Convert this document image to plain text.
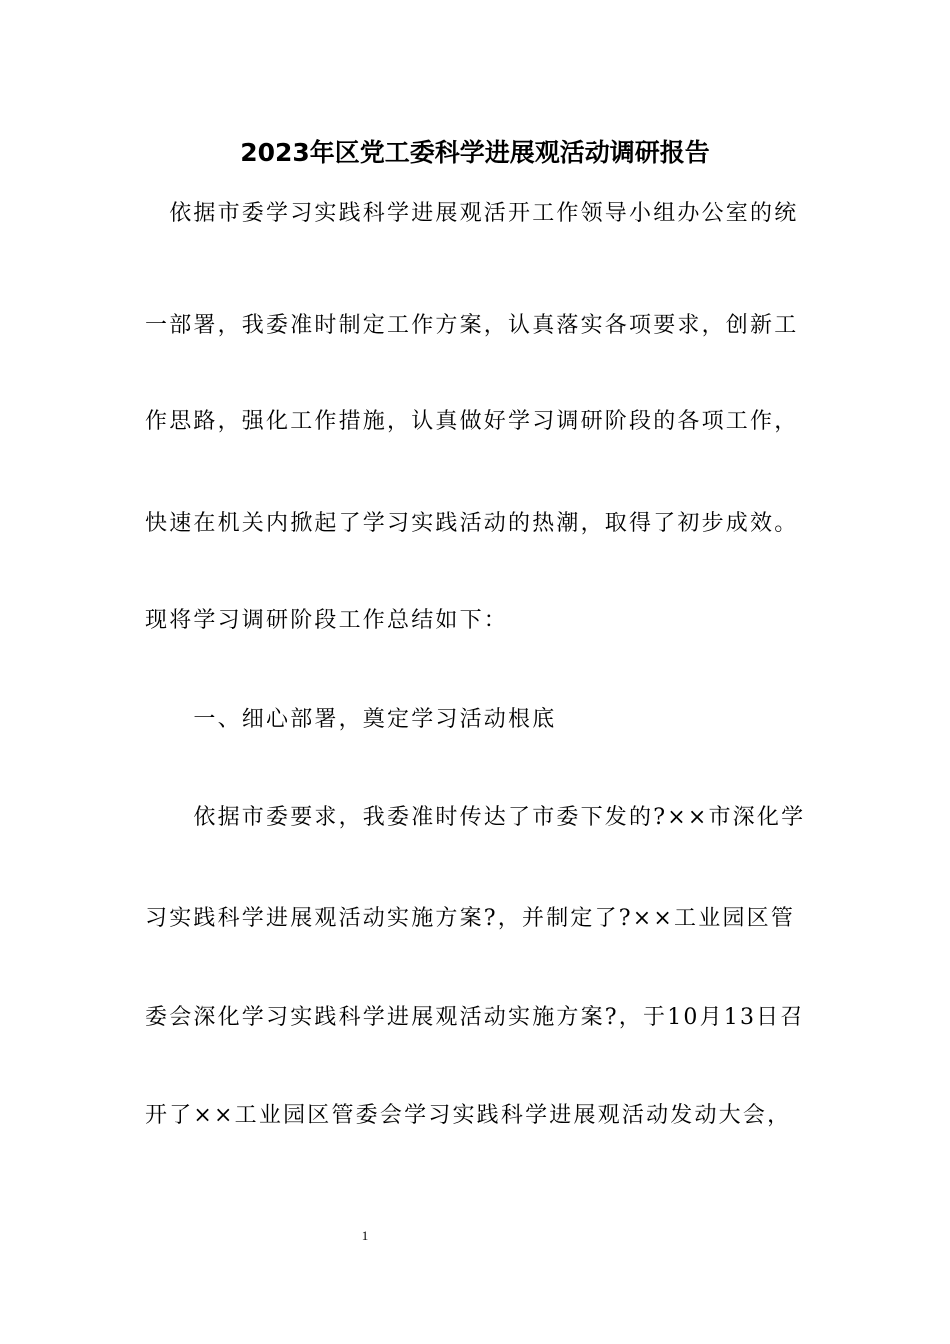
2023年区党工委科学进展观活动调研报告
　依据市委学习实践科学进展观活开工作领导小组办公室的统
一部署，我委准时制定工作方案，认真落实各项要求，创新工
作思路，强化工作措施，认真做好学习调研阶段的各项工作，
快速在机关内掀起了学习实践活动的热潮，取得了初步成效。
现将学习调研阶段工作总结如下：
　　一、细心部署，奠定学习活动根底
　　依据市委要求，我委准时传达了市委下发的?××市深化学
习实践科学进展观活动实施方案?，并制定了?××工业园区管
委会深化学习实践科学进展观活动实施方案?，于10月13日召
开了××工业园区管委会学习实践科学进展观活动发动大会，
1
